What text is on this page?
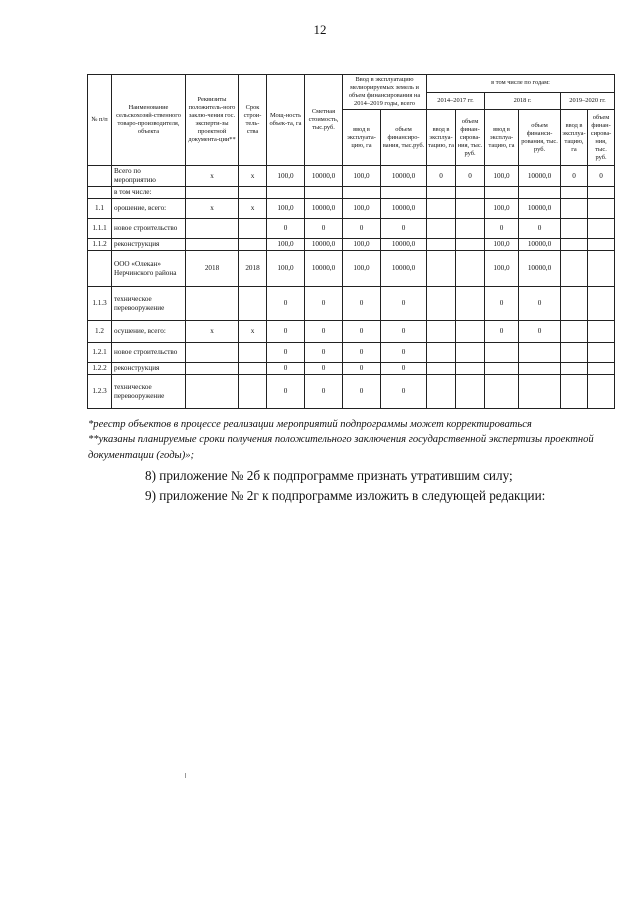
12
№ п/п	Наименование сельскохозяй-ственного товаро-производителя, объекта	Реквизиты положитель-ного заклю-чения гос. эксперти-зы проектной документа-ции**	Срок строи-тель-ства	Мощ-ность объек-та, га	Сметная стоимость, тыс.руб.	Ввод в эксплуатацию мелиорируемых земель и объем финансирования на 2014–2019 годы, всего		в том числе по годам:					
								2014–2017 гг.		2018 г.		2019–2020 гг.	
						ввод в эксплуата-цию, га	объем финансиро-вания, тыс.руб.	ввод в эксплуа-тацию, га	объем финан-сирова-ния, тыс. руб.	ввод в эксплуа-тацию, га	объем финанси-рования, тыс. руб.	ввод в эксплуа-тацию, га	объем финан-сирова-ния, тыс. руб.
	Всего по мероприятию	х	х	100,0	10000,0	100,0	10000,0	0	0	100,0	10000,0	0	0
	в том числе:												
1.1	орошение, всего:	х	х	100,0	10000,0	100,0	10000,0			100,0	10000,0		
1.1.1	новое строительство			0	0	0	0			0	0		
1.1.2	реконструкция			100,0	10000,0	100,0	10000,0			100,0	10000,0		
	ООО «Олекан» Нерчинского района	2018	2018	100,0	10000,0	100,0	10000,0			100,0	10000,0		
1.1.3	техническое перевооружение			0	0	0	0			0	0		
1.2	осушение, всего:	х	х	0	0	0	0			0	0		
1.2.1	новое строительство			0	0	0	0						
1.2.2	реконструкция			0	0	0	0						
1.2.3	техническое перевооружение			0	0	0	0						

*реестр объектов в процессе реализации мероприятий подпрограммы может корректироваться

**указаны планируемые сроки получения положительного заключения государственной экспертизы проектной документации (годы)»;

8) приложение № 2б к подпрограмме признать утратившим силу;

9) приложение № 2г к подпрограмме изложить в следующей редакции:
